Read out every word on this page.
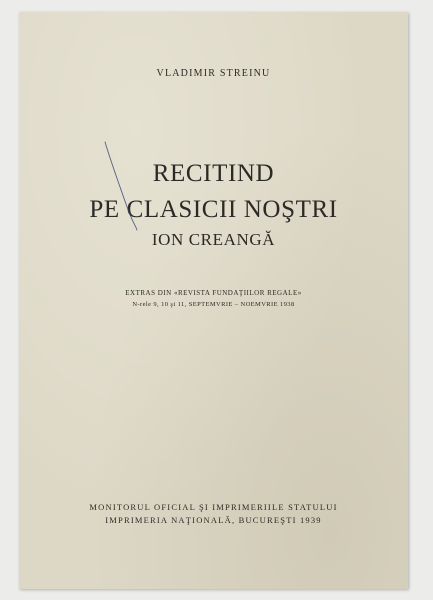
VLADIMIR STREINU
RECITIND
PE CLASICII NOŞTRI
ION CREANGĂ
EXTRAS DIN «REVISTA FUNDAŢIILOR REGALE»
N-rele 9, 10 şi 11, SEPTEMVRIE – NOEMVRIE 1938
MONITORUL OFICIAL ŞI IMPRIMERIILE STATULUI
IMPRIMERIA NAŢIONALĂ, BUCUREŞTI 1939
